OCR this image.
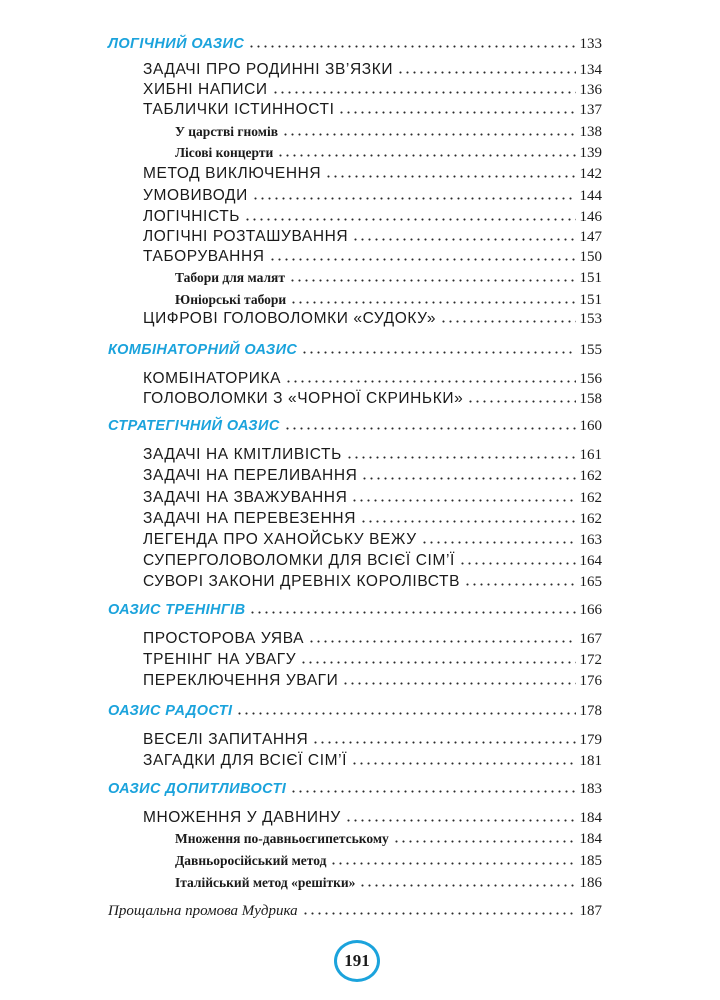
ЛОГІЧНИЙ ОАЗИС	133
ЗАДАЧІ ПРО РОДИННІ ЗВ’ЯЗКИ	134
ХИБНІ НАПИСИ	136
ТАБЛИЧКИ ІСТИННОСТІ	137
У царстві гномів	138
Лісові концерти	139
МЕТОД ВИКЛЮЧЕННЯ	142
УМОВИВОДИ	144
ЛОГІЧНІСТЬ	146
ЛОГІЧНІ РОЗТАШУВАННЯ	147
ТАБОРУВАННЯ	150
Табори для малят	151
Юніорські табори	151
ЦИФРОВІ ГОЛОВОЛОМКИ «СУДОКУ»	153
КОМБІНАТОРНИЙ ОАЗИС	155
КОМБІНАТОРИКА	156
ГОЛОВОЛОМКИ З «ЧОРНОЇ СКРИНЬКИ»	158
СТРАТЕГІЧНИЙ ОАЗИС	160
ЗАДАЧІ НА КМІТЛИВІСТЬ	161
ЗАДАЧІ НА ПЕРЕЛИВАННЯ	162
ЗАДАЧІ НА ЗВАЖУВАННЯ	162
ЗАДАЧІ НА ПЕРЕВЕЗЕННЯ	162
ЛЕГЕНДА ПРО ХАНОЙСЬКУ ВЕЖУ	163
СУПЕРГОЛОВОЛОМКИ ДЛЯ ВСІЄЇ СІМ’Ї	164
СУВОРІ ЗАКОНИ ДРЕВНІХ КОРОЛІВСТВ	165
ОАЗИС ТРЕНІНГІВ	166
ПРОСТОРОВА УЯВА	167
ТРЕНІНГ НА УВАГУ	172
ПЕРЕКЛЮЧЕННЯ УВАГИ	176
ОАЗИС РАДОСТІ	178
ВЕСЕЛІ ЗАПИТАННЯ	179
ЗАГАДКИ ДЛЯ ВСІЄЇ СІМ’Ї	181
ОАЗИС ДОПИТЛИВОСТІ	183
МНОЖЕННЯ У ДАВНИНУ	184
Множення по-давньоєгипетському	184
Давньоросійський метод	185
Італійський метод «решітки»	186
Прощальна промова Мудрика	187
191
